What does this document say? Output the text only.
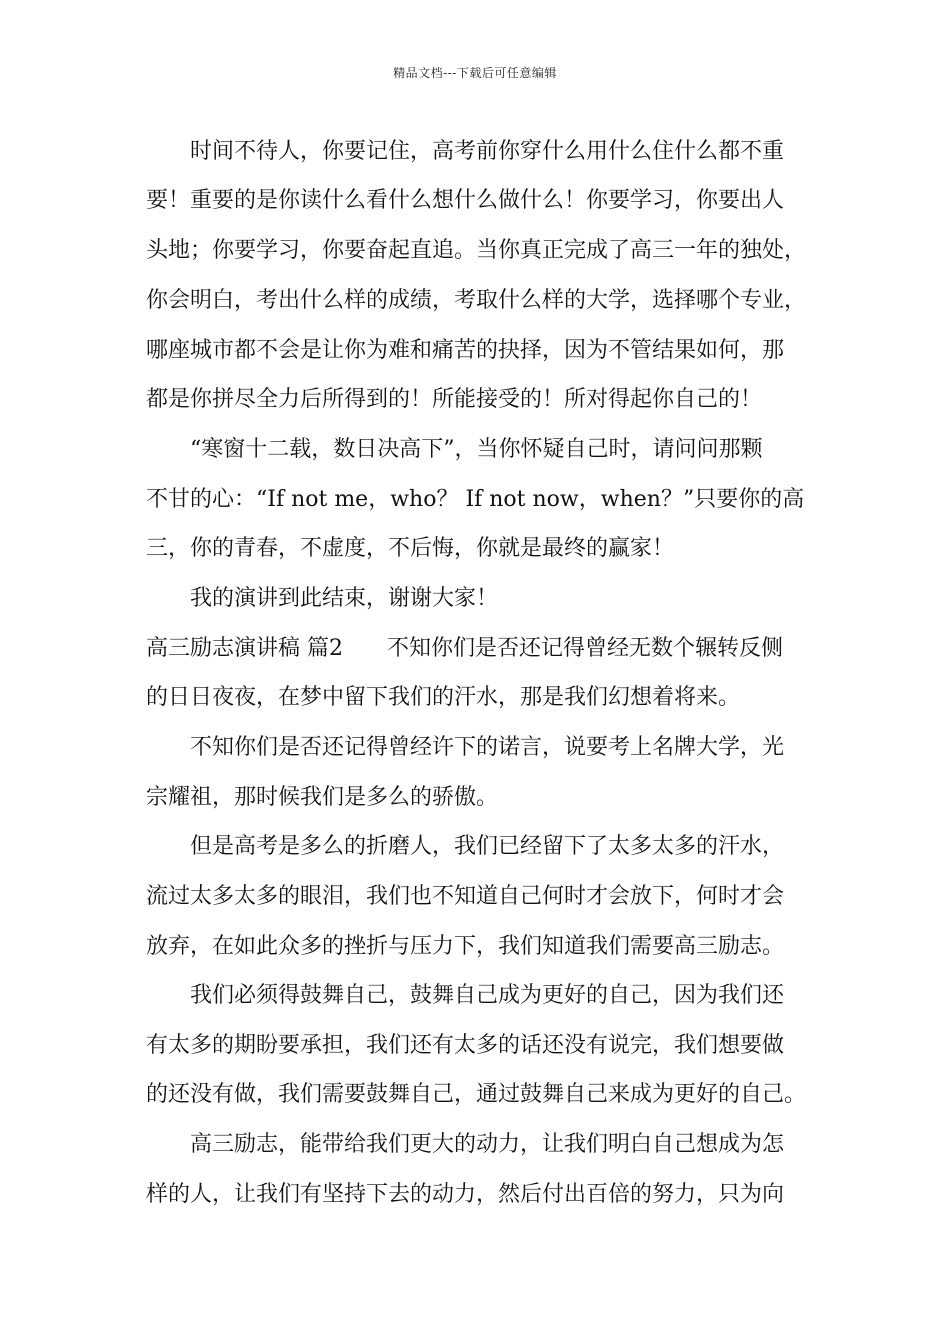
精品文档---下载后可任意编辑
时间不待人，你要记住，高考前你穿什么用什么住什么都不重
要！重要的是你读什么看什么想什么做什么！你要学习，你要出人
头地；你要学习，你要奋起直追。当你真正完成了高三一年的独处，
你会明白，考出什么样的成绩，考取什么样的大学，选择哪个专业，
哪座城市都不会是让你为难和痛苦的抉择，因为不管结果如何，那
都是你拼尽全力后所得到的！所能接受的！所对得起你自己的！
“寒窗十二载，数日决高下”，当你怀疑自己时，请问问那颗
不甘的心：“If not me，who？ If not now，when？”只要你的高
三，你的青春，不虚度，不后悔，你就是最终的赢家！
我的演讲到此结束，谢谢大家！
高三励志演讲稿 篇2　　不知你们是否还记得曾经无数个辗转反侧
的日日夜夜，在梦中留下我们的汗水，那是我们幻想着将来。
不知你们是否还记得曾经许下的诺言，说要考上名牌大学，光
宗耀祖，那时候我们是多么的骄傲。
但是高考是多么的折磨人，我们已经留下了太多太多的汗水，
流过太多太多的眼泪，我们也不知道自己何时才会放下，何时才会
放弃，在如此众多的挫折与压力下，我们知道我们需要高三励志。
我们必须得鼓舞自己，鼓舞自己成为更好的自己，因为我们还
有太多的期盼要承担，我们还有太多的话还没有说完，我们想要做
的还没有做，我们需要鼓舞自己，通过鼓舞自己来成为更好的自己。
高三励志，能带给我们更大的动力，让我们明白自己想成为怎
样的人，让我们有坚持下去的动力，然后付出百倍的努力，只为向
